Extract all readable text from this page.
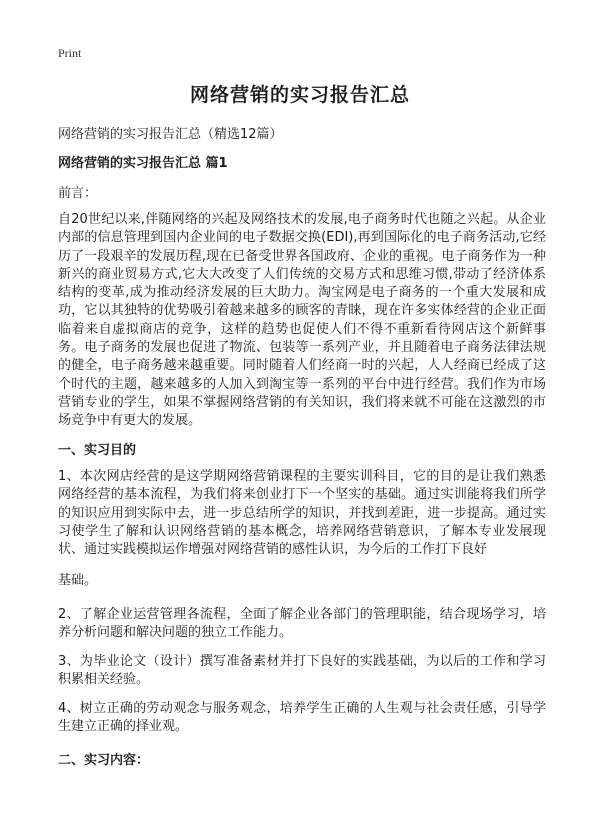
Print
网络营销的实习报告汇总
网络营销的实习报告汇总（精选12篇）
网络营销的实习报告汇总 篇1
前言：
自20世纪以来,伴随网络的兴起及网络技术的发展,电子商务时代也随之兴起。从企业内部的信息管理到国内企业间的电子数据交换(EDI),再到国际化的电子商务活动,它经历了一段艰辛的发展历程,现在已备受世界各国政府、企业的重视。电子商务作为一种新兴的商业贸易方式,它大大改变了人们传统的交易方式和思维习惯,带动了经济体系结构的变革,成为推动经济发展的巨大助力。淘宝网是电子商务的一个重大发展和成功，它以其独特的优势吸引着越来越多的顾客的青睐，现在许多实体经营的企业正面临着来自虚拟商店的竞争，这样的趋势也促使人们不得不重新看待网店这个新鲜事务。电子商务的发展也促进了物流、包装等一系列产业，并且随着电子商务法律法规的健全，电子商务越来越重要。同时随着人们经商一时的兴起，人人经商已经成了这个时代的主题，越来越多的人加入到淘宝等一系列的平台中进行经营。我们作为市场营销专业的学生，如果不掌握网络营销的有关知识，我们将来就不可能在这激烈的市场竞争中有更大的发展。
一、实习目的
1、本次网店经营的是这学期网络营销课程的主要实训科目，它的目的是让我们熟悉网络经营的基本流程，为我们将来创业打下一个坚实的基础。通过实训能将我们所学的知识应用到实际中去，进一步总结所学的知识，并找到差距，进一步提高。通过实习使学生了解和认识网络营销的基本概念，培养网络营销意识，了解本专业发展现状、通过实践模拟运作增强对网络营销的感性认识，为今后的工作打下良好
基础。
2、了解企业运营管理各流程，全面了解企业各部门的管理职能，结合现场学习，培养分析问题和解决问题的独立工作能力。
3、为毕业论文（设计）撰写准备素材并打下良好的实践基础，为以后的工作和学习积累相关经验。
4、树立正确的劳动观念与服务观念，培养学生正确的人生观与社会责任感，引导学生建立正确的择业观。
二、实习内容：
